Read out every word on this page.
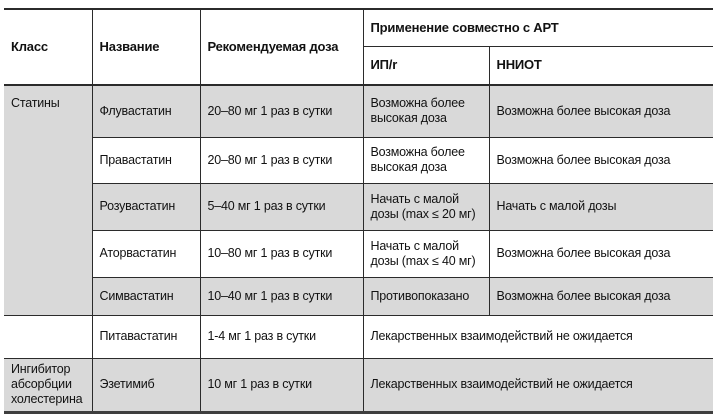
Класс	Название	Рекомендуемая доза	Применение совместно с АРТ	
			ИП/r	ННИОТ
Статины	Флувастатин	20–80 мг 1 раз в сутки	Возможна более высокая доза	Возможна более высокая доза
	Правастатин	20–80 мг 1 раз в сутки	Возможна более высокая доза	Возможна более высокая доза
	Розувастатин	5–40 мг 1 раз в сутки	Начать с малой дозы (max ≤ 20 мг)	Начать с малой дозы
	Аторвастатин	10–80 мг 1 раз в сутки	Начать с малой дозы (max ≤ 40 мг)	Возможна более высокая доза
	Симвастатин	10–40 мг 1 раз в сутки	Противопоказано	Возможна более высокая доза
	Питавастатин	1-4 мг 1 раз в сутки	Лекарственных взаимодействий не ожидается	
Ингибитор абсорбции холестерина	Эзетимиб	10 мг 1 раз в сутки	Лекарственных взаимодействий не ожидается	
